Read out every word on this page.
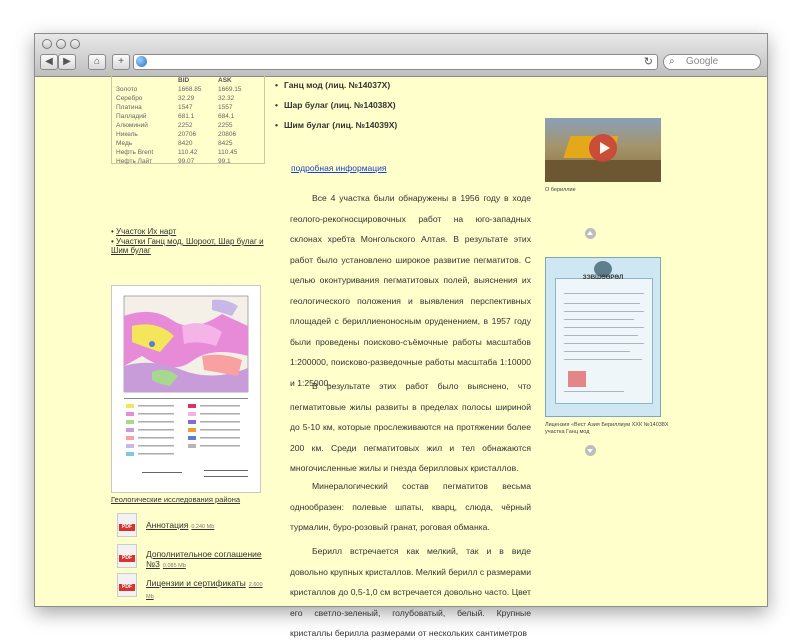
◀	▶	⌂	+	↻ ⌕ Google
BID	ASK
Золото	1668.85	1669.15
Серебро	32.29	32.32
Платина	1547	1557
Палладий	681.1	684.1
Алюминий	2252	2255
Никель	20706	20806
Медь	8420	8425
Нефть Brent	110.42	110.45
Нефть Лайт	99.07	99.1
• Участок Их нарт
• Участки Ганц мод, Шороот, Шар булаг и Шим булаг
Геологические исследования района
PDF	Аннотация 0.240 Mb
PDF	Дополнительное соглашение №3 0.085 Mb
PDF	Лицензии и сертификаты 2.600 Mb
• Ганц мод (лиц. №14037Х)
• Шар булаг (лиц. №14038Х)
• Шим булаг (лиц. №14039Х)
подробная информация
Все 4 участка были обнаружены в 1956 году в ходе геолого-рекогносцировочных работ на юго-западных склонах хребта Монгольского Алтая. В результате этих работ было установлено широкое развитие пегматитов. С целью оконтуривания пегматитовых полей, выяснения их геологического положения и выявления перспективных площадей с бериллиеноносным оруденением, в 1957 году были проведены поисково-съёмочные работы масштабов 1:200000, поисково-разведочные работы масштаба 1:10000 и 1:25000.
В результате этих работ было выяснено, что пегматитовые жилы развиты в пределах полосы шириной до 5-10 км, которые прослеживаются на протяжении более 200 км. Среди пегматитовых жил и тел обнажаются многочисленные жилы и гнезда берилловых кристаллов.
Минералогический состав пегматитов весьма однообразен: полевые шпаты, кварц, слюда, чёрный турмалин, буро-розовый гранат, роговая обманка.
Берилл встречается как мелкий, так и в виде довольно крупных кристаллов. Мелкий берилл с размерами кристаллов до 0,5-1,0 см встречается довольно часто. Цвет его светло-зеленый, голубоватый, белый. Крупные кристаллы берилла размерами от нескольких сантиметров
О бериллие
ЗЭВШӨӨРӨЛ
Лицензия «Вест Азия Бериллиум XXК №14038Х участка Ганц мод
